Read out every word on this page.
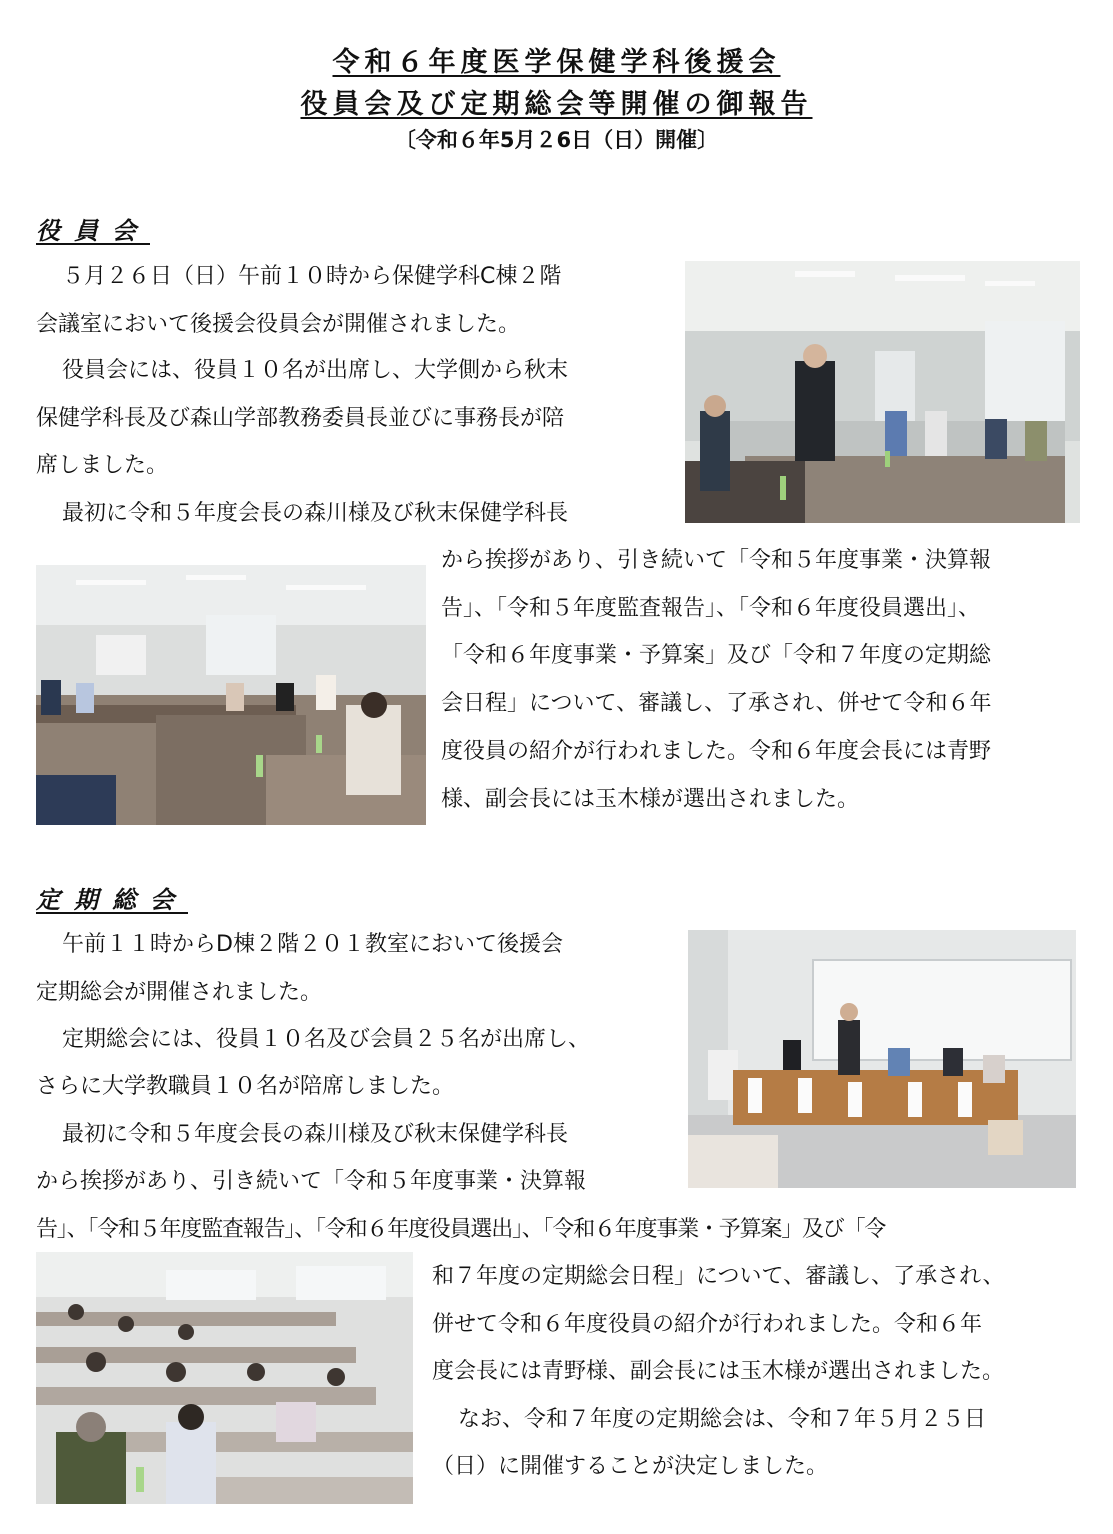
令和６年度医学保健学科後援会
役員会及び定期総会等開催の御報告
〔令和６年5月２6日（日）開催〕
役員会
５月２６日（日）午前１０時から保健学科C棟２階
会議室において後援会役員会が開催されました。
役員会には、役員１０名が出席し、大学側から秋末
保健学科長及び森山学部教務委員長並びに事務長が陪
席しました。
最初に令和５年度会長の森川様及び秋末保健学科長
から挨拶があり、引き続いて「令和５年度事業・決算報
告」、「令和５年度監査報告」、「令和６年度役員選出」、
「令和６年度事業・予算案」及び「令和７年度の定期総
会日程」について、審議し、了承され、併せて令和６年
度役員の紹介が行われました。令和６年度会長には青野
様、副会長には玉木様が選出されました。
定期総会
午前１１時からD棟２階２０１教室において後援会
定期総会が開催されました。
定期総会には、役員１０名及び会員２５名が出席し、
さらに大学教職員１０名が陪席しました。
最初に令和５年度会長の森川様及び秋末保健学科長
から挨拶があり、引き続いて「令和５年度事業・決算報
告」、「令和５年度監査報告」、「令和６年度役員選出」、「令和６年度事業・予算案」及び「令
和７年度の定期総会日程」について、審議し、了承され、
併せて令和６年度役員の紹介が行われました。令和６年
度会長には青野様、副会長には玉木様が選出されました。
なお、令和７年度の定期総会は、令和７年５月２５日
（日）に開催することが決定しました。
